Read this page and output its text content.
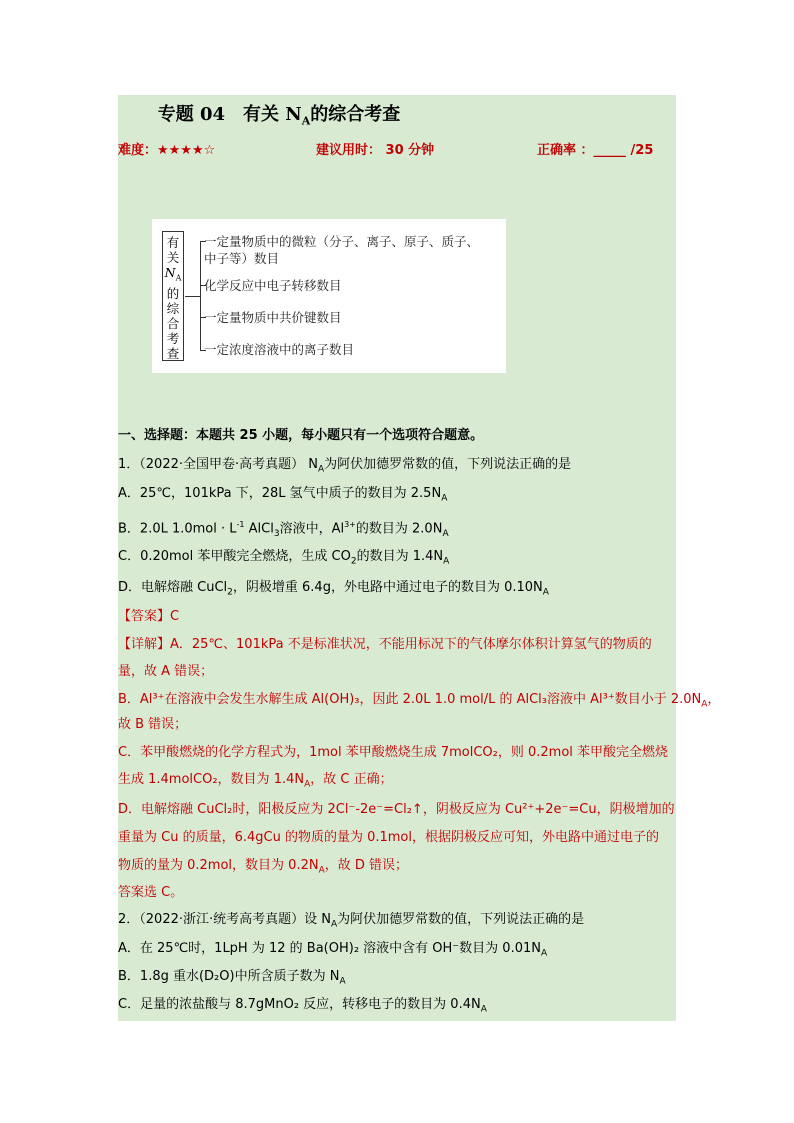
专题 04　有关 $N_A$的综合考查
难度：★★★★☆	建议用时： 30 分钟	正确率 ：_____ /25
有
关
$N_A$
的
综
合
考
查
一定量物质中的微粒（分子、离子、原子、质子、
中子等）数目
化学反应中电子转移数目
一定量物质中共价键数目
一定浓度溶液中的离子数目
一、选择题：本题共 25 小题，每小题只有一个选项符合题意。
1．（2022·全国甲卷·高考真题） $N_A$为阿伏加德罗常数的值，下列说法正确的是
A．25℃，101kPa 下，28L 氢气中质子的数目为 $2.5N_A$
B．2.0L $1.0mol \cdot L^{-1}$ AlCl$_3$溶液中，$Al^{3+}$的数目为 $2.0N_A$
C．0.20mol 苯甲酸完全燃烧，生成 $CO_2$的数目为 $1.4N_A$
D．电解熔融 CuCl$_2$，阴极增重 6.4g，外电路中通过电子的数目为 $0.10N_A$
【答案】C
【详解】A．25℃、101kPa 不是标准状况，不能用标况下的气体摩尔体积计算氢气的物质的
量，故 A 错误；
B．Al³⁺在溶液中会发生水解生成 Al(OH)₃，因此 2.0L 1.0 mol/L 的 AlCl₃溶液中 Al³⁺数目小于 $2.0N_A$，
故 B 错误；
C．苯甲酸燃烧的化学方程式为，1mol 苯甲酸燃烧生成 7molCO₂，则 0.2mol 苯甲酸完全燃烧
生成 1.4molCO₂，数目为 $1.4N_A$，故 C 正确；
D．电解熔融 CuCl₂时，阳极反应为 2Cl⁻-2e⁻=Cl₂↑，阴极反应为 Cu²⁺+2e⁻=Cu，阴极增加的
重量为 Cu 的质量，6.4gCu 的物质的量为 0.1mol，根据阴极反应可知，外电路中通过电子的
物质的量为 0.2mol，数目为 $0.2N_A$，故 D 错误；
答案选 C。
2．（2022·浙江·统考高考真题）设 $N_A$为阿伏加德罗常数的值，下列说法正确的是
A．在 25℃时，1LpH 为 12 的 Ba(OH)₂ 溶液中含有 OH⁻数目为 $0.01N_A$
B．1.8g 重水(D₂O)中所含质子数为 $N_A$
C．足量的浓盐酸与 8.7gMnO₂ 反应，转移电子的数目为 $0.4N_A$
